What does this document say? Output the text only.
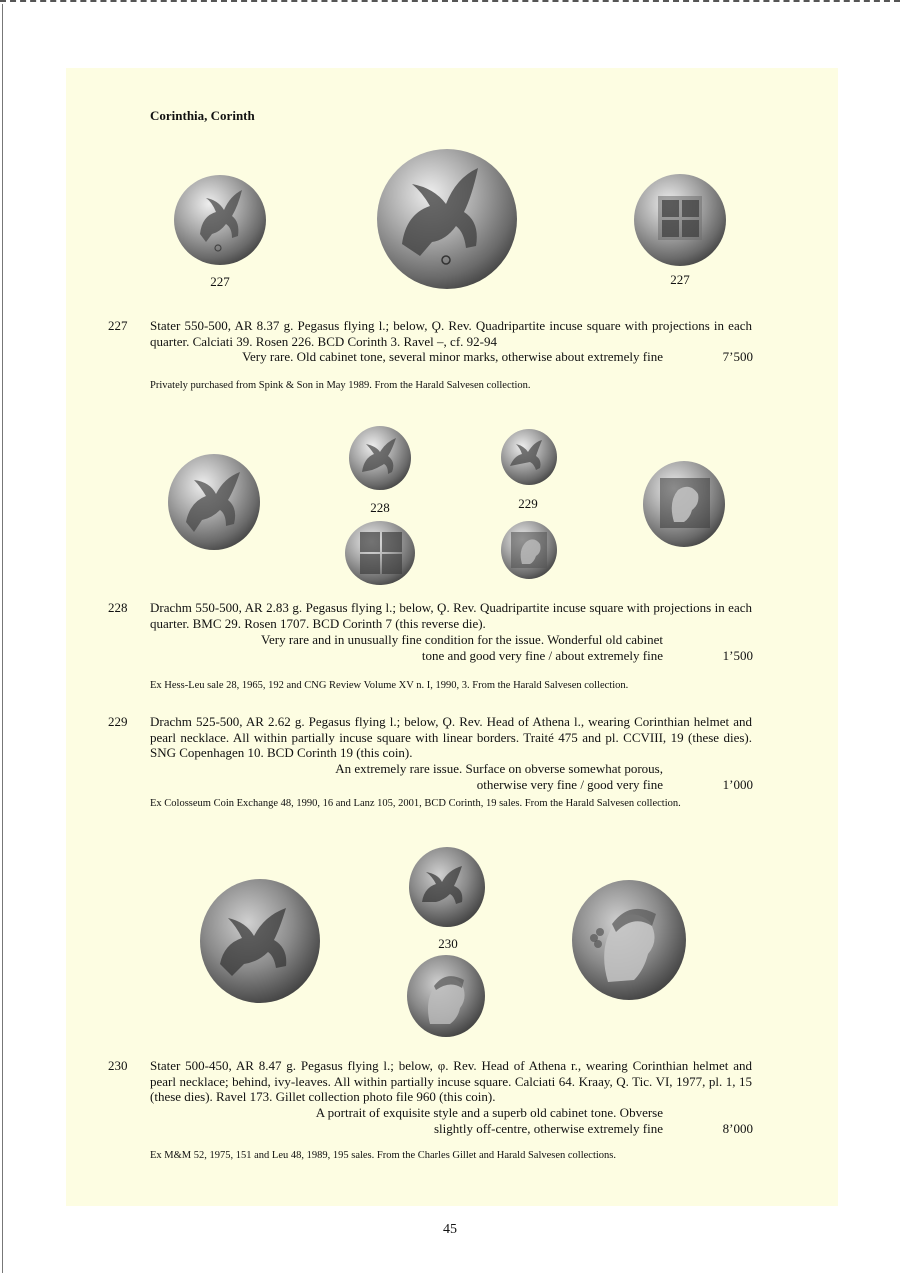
Corinthia, Corinth
227	227
227 Stater 550-500, AR 8.37 g. Pegasus flying l.; below, Ϙ. Rev. Quadripartite incuse square with projections in each quarter. Calciati 39. Rosen 226. BCD Corinth 3. Ravel –, cf. 92-94
Very rare. Old cabinet tone, several minor marks, otherwise about extremely fine	7’500
Privately purchased from Spink & Son in May 1989. From the Harald Salvesen collection.
228	229
228 Drachm 550-500, AR 2.83 g. Pegasus flying l.; below, Ϙ. Rev. Quadripartite incuse square with projections in each quarter. BMC 29. Rosen 1707. BCD Corinth 7 (this reverse die).
Very rare and in unusually fine condition for the issue. Wonderful old cabinet
tone and good very fine / about extremely fine	1’500
Ex Hess-Leu sale 28, 1965, 192 and CNG Review Volume XV n. I, 1990, 3. From the Harald Salvesen collection.
229 Drachm 525-500, AR 2.62 g. Pegasus flying l.; below, Ϙ. Rev. Head of Athena l., wearing Corinthian helmet and pearl necklace. All within partially incuse square with linear borders. Traité 475 and pl. CCVIII, 19 (these dies). SNG Copenhagen 10. BCD Corinth 19 (this coin).
An extremely rare issue. Surface on obverse somewhat porous,
otherwise very fine / good very fine	1’000
Ex Colosseum Coin Exchange 48, 1990, 16 and Lanz 105, 2001, BCD Corinth, 19 sales. From the Harald Salvesen collection.
230
230 Stater 500-450, AR 8.47 g. Pegasus flying l.; below, φ. Rev. Head of Athena r., wearing Corinthian helmet and pearl necklace; behind, ivy-leaves. All within partially incuse square. Calciati 64. Kraay, Q. Tic. VI, 1977, pl. 1, 15 (these dies). Ravel 173. Gillet collection photo file 960 (this coin).
A portrait of exquisite style and a superb old cabinet tone. Obverse
slightly off-centre, otherwise extremely fine	8’000
Ex M&M 52, 1975, 151 and Leu 48, 1989, 195 sales. From the Charles Gillet and Harald Salvesen collections.
45
